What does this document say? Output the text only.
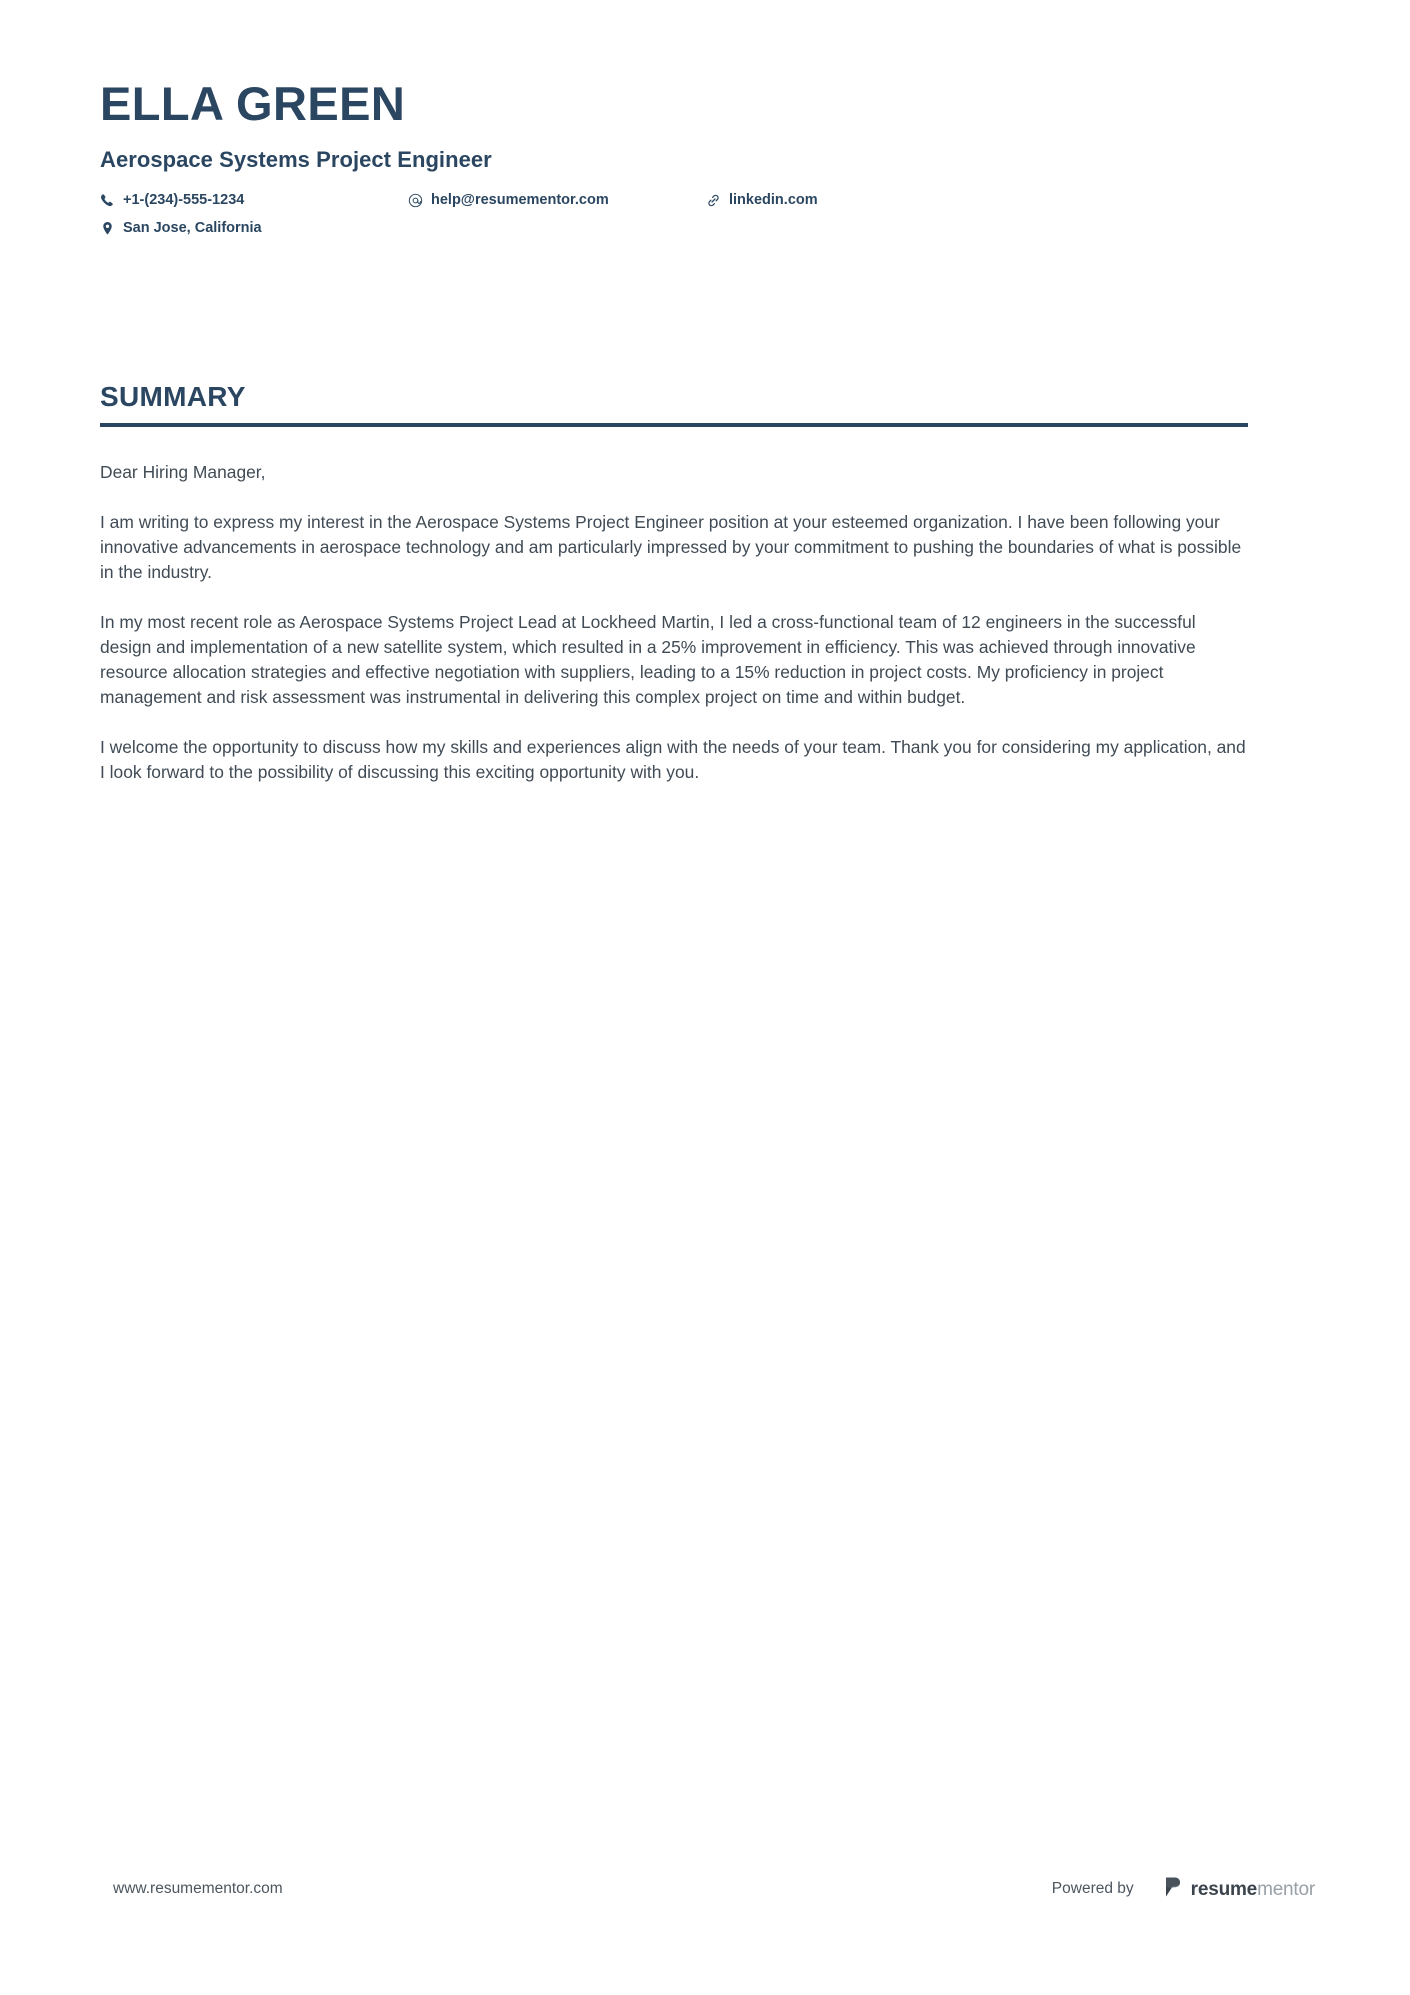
ELLA GREEN
Aerospace Systems Project Engineer
+1-(234)-555-1234	help@resumementor.com	linkedin.com
San Jose, California
SUMMARY

Dear Hiring Manager,

I am writing to express my interest in the Aerospace Systems Project Engineer position at your esteemed organization. I have been following your innovative advancements in aerospace technology and am particularly impressed by your commitment to pushing the boundaries of what is possible in the industry.

In my most recent role as Aerospace Systems Project Lead at Lockheed Martin, I led a cross-functional team of 12 engineers in the successful design and implementation of a new satellite system, which resulted in a 25% improvement in efficiency. This was achieved through innovative resource allocation strategies and effective negotiation with suppliers, leading to a 15% reduction in project costs. My proficiency in project management and risk assessment was instrumental in delivering this complex project on time and within budget.

I welcome the opportunity to discuss how my skills and experiences align with the needs of your team. Thank you for considering my application, and I look forward to the possibility of discussing this exciting opportunity with you.

www.resumementor.com	Powered by	resumementor
